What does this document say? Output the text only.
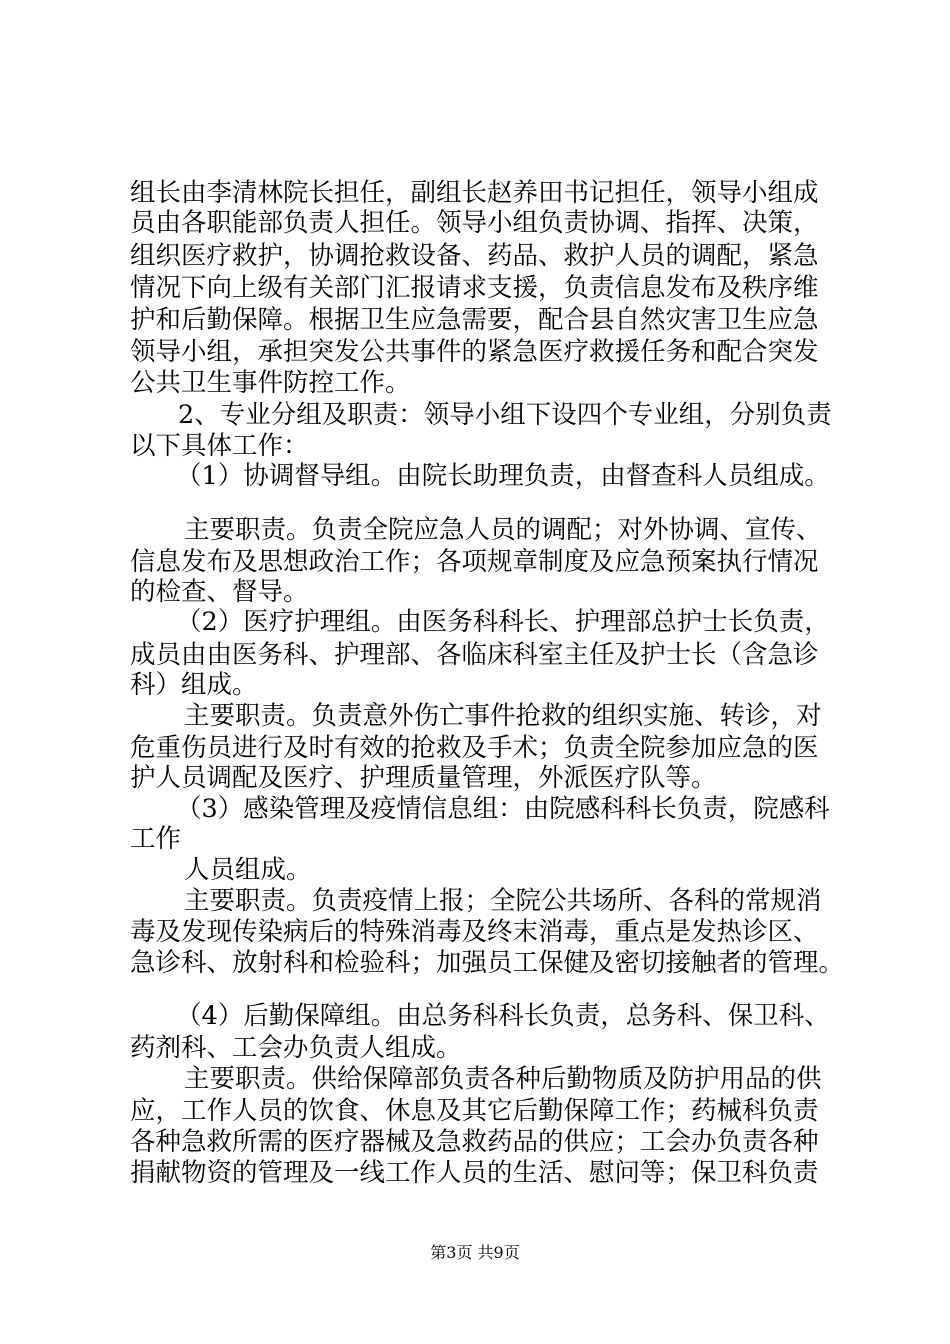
组长由李清林院长担任，副组长赵养田书记担任，领导小组成
员由各职能部负责人担任。领导小组负责协调、指挥、决策，
组织医疗救护，协调抢救设备、药品、救护人员的调配，紧急
情况下向上级有关部门汇报请求支援，负责信息发布及秩序维
护和后勤保障。根据卫生应急需要，配合县自然灾害卫生应急
领导小组，承担突发公共事件的紧急医疗救援任务和配合突发
公共卫生事件防控工作。
2、专业分组及职责：领导小组下设四个专业组，分别负责
以下具体工作：
（1）协调督导组。由院长助理负责，由督查科人员组成。
主要职责。负责全院应急人员的调配；对外协调、宣传、
信息发布及思想政治工作；各项规章制度及应急预案执行情况
的检查、督导。
（2）医疗护理组。由医务科科长、护理部总护士长负责，
成员由由医务科、护理部、各临床科室主任及护士长（含急诊
科）组成。
主要职责。负责意外伤亡事件抢救的组织实施、转诊，对
危重伤员进行及时有效的抢救及手术；负责全院参加应急的医
护人员调配及医疗、护理质量管理，外派医疗队等。
（3）感染管理及疫情信息组：由院感科科长负责，院感科
工作
人员组成。
主要职责。负责疫情上报；全院公共场所、各科的常规消
毒及发现传染病后的特殊消毒及终末消毒，重点是发热诊区、
急诊科、放射科和检验科；加强员工保健及密切接触者的管理。
（4）后勤保障组。由总务科科长负责，总务科、保卫科、
药剂科、工会办负责人组成。
主要职责。供给保障部负责各种后勤物质及防护用品的供
应，工作人员的饮食、休息及其它后勤保障工作；药械科负责
各种急救所需的医疗器械及急救药品的供应；工会办负责各种
捐献物资的管理及一线工作人员的生活、慰问等；保卫科负责
第3页 共9页
